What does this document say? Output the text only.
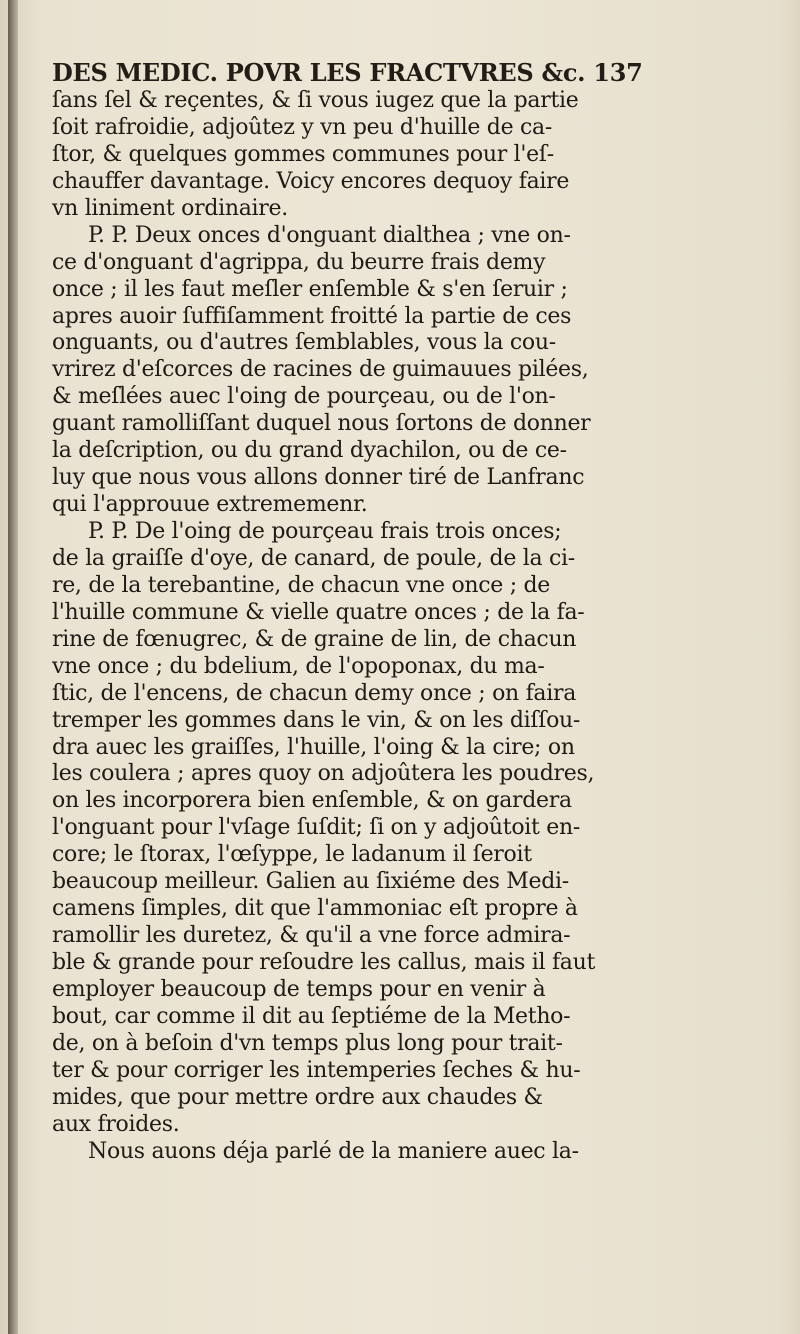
DES MEDIC. POVR LES FRACTVRES &c. 137
ſans ſel & reçentes, & ſi vous iugez que la partie
ſoit rafroidie, adjoûtez y vn peu d'huille de ca-
ſtor, & quelques gommes communes pour l'eſ-
chauffer davantage. Voicy encores dequoy faire
vn liniment ordinaire.
P. P. Deux onces d'onguant dialthea ; vne on-
ce d'onguant d'agrippa, du beurre frais demy
once ; il les faut meſler enſemble & s'en ſeruir ;
apres auoir ſuffiſamment froitté la partie de ces
onguants, ou d'autres ſemblables, vous la cou-
vrirez d'eſcorces de racines de guimauues pilées,
& meſlées auec l'oing de pourçeau, ou de l'on-
guant ramolliſſant duquel nous ſortons de donner
la deſcription, ou du grand dyachilon, ou de ce-
luy que nous vous allons donner tiré de Lanfranc
qui l'approuue extrememenr.
P. P. De l'oing de pourçeau frais trois onces;
de la graiſſe d'oye, de canard, de poule, de la ci-
re, de la terebantine, de chacun vne once ; de
l'huille commune & vielle quatre onces ; de la fa-
rine de fœnugrec, & de graine de lin, de chacun
vne once ; du bdelium, de l'opoponax, du ma-
ſtic, de l'encens, de chacun demy once ; on faira
tremper les gommes dans le vin, & on les diſſou-
dra auec les graiſſes, l'huille, l'oing & la cire; on
les coulera ; apres quoy on adjoûtera les poudres,
on les incorporera bien enſemble, & on gardera
l'onguant pour l'vſage ſuſdit; ſi on y adjoûtoit en-
core; le ſtorax, l'œſyppe, le ladanum il ſeroit
beaucoup meilleur. Galien au ſixiéme des Medi-
camens ſimples, dit que l'ammoniac eſt propre à
ramollir les duretez, & qu'il a vne force admira-
ble & grande pour reſoudre les callus, mais il faut
employer beaucoup de temps pour en venir à
bout, car comme il dit au ſeptiéme de la Metho-
de, on à beſoin d'vn temps plus long pour trait-
ter & pour corriger les intemperies ſeches & hu-
mides, que pour mettre ordre aux chaudes &
aux froides.
Nous auons déja parlé de la maniere auec la-
